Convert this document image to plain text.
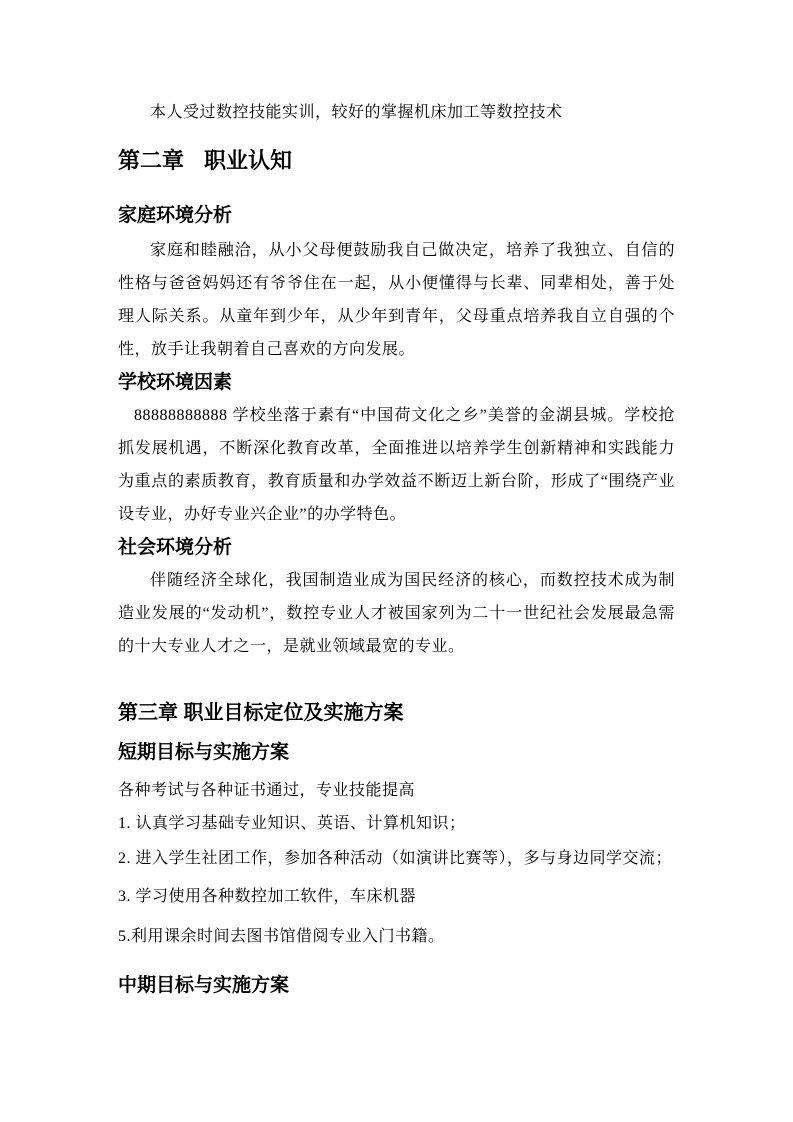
本人受过数控技能实训，较好的掌握机床加工等数控技术

第二章 职业认知
家庭环境分析

家庭和睦融洽，从小父母便鼓励我自己做决定，培养了我独立、自信的性格与爸爸妈妈还有爷爷住在一起，从小便懂得与长辈、同辈相处，善于处理人际关系。从童年到少年，从少年到青年，父母重点培养我自立自强的个性，放手让我朝着自己喜欢的方向发展。

学校环境因素

88888888888 学校坐落于素有“中国荷文化之乡”美誉的金湖县城。学校抢抓发展机遇，不断深化教育改革，全面推进以培养学生创新精神和实践能力为重点的素质教育，教育质量和办学效益不断迈上新台阶，形成了“围绕产业设专业，办好专业兴企业”的办学特色。

社会环境分析

伴随经济全球化，我国制造业成为国民经济的核心，而数控技术成为制造业发展的“发动机”，数控专业人才被国家列为二十一世纪社会发展最急需的十大专业人才之一，是就业领域最宽的专业。

第三章 职业目标定位及实施方案
短期目标与实施方案

各种考试与各种证书通过，专业技能提高

1. 认真学习基础专业知识、英语、计算机知识；

2. 进入学生社团工作，参加各种活动（如演讲比赛等），多与身边同学交流；

3. 学习使用各种数控加工软件，车床机器

5.利用课余时间去图书馆借阅专业入门书籍。

中期目标与实施方案
